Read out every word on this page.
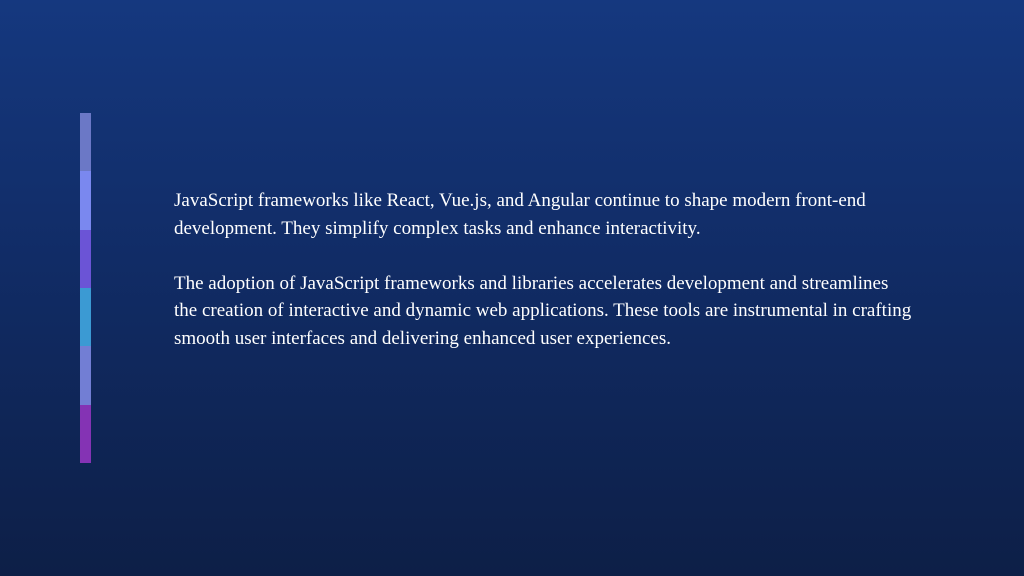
JavaScript frameworks like React, Vue.js, and Angular continue to shape modern front-end development. They simplify complex tasks and enhance interactivity.

The adoption of JavaScript frameworks and libraries accelerates development and streamlines the creation of interactive and dynamic web applications. These tools are instrumental in crafting smooth user interfaces and delivering enhanced user experiences.
